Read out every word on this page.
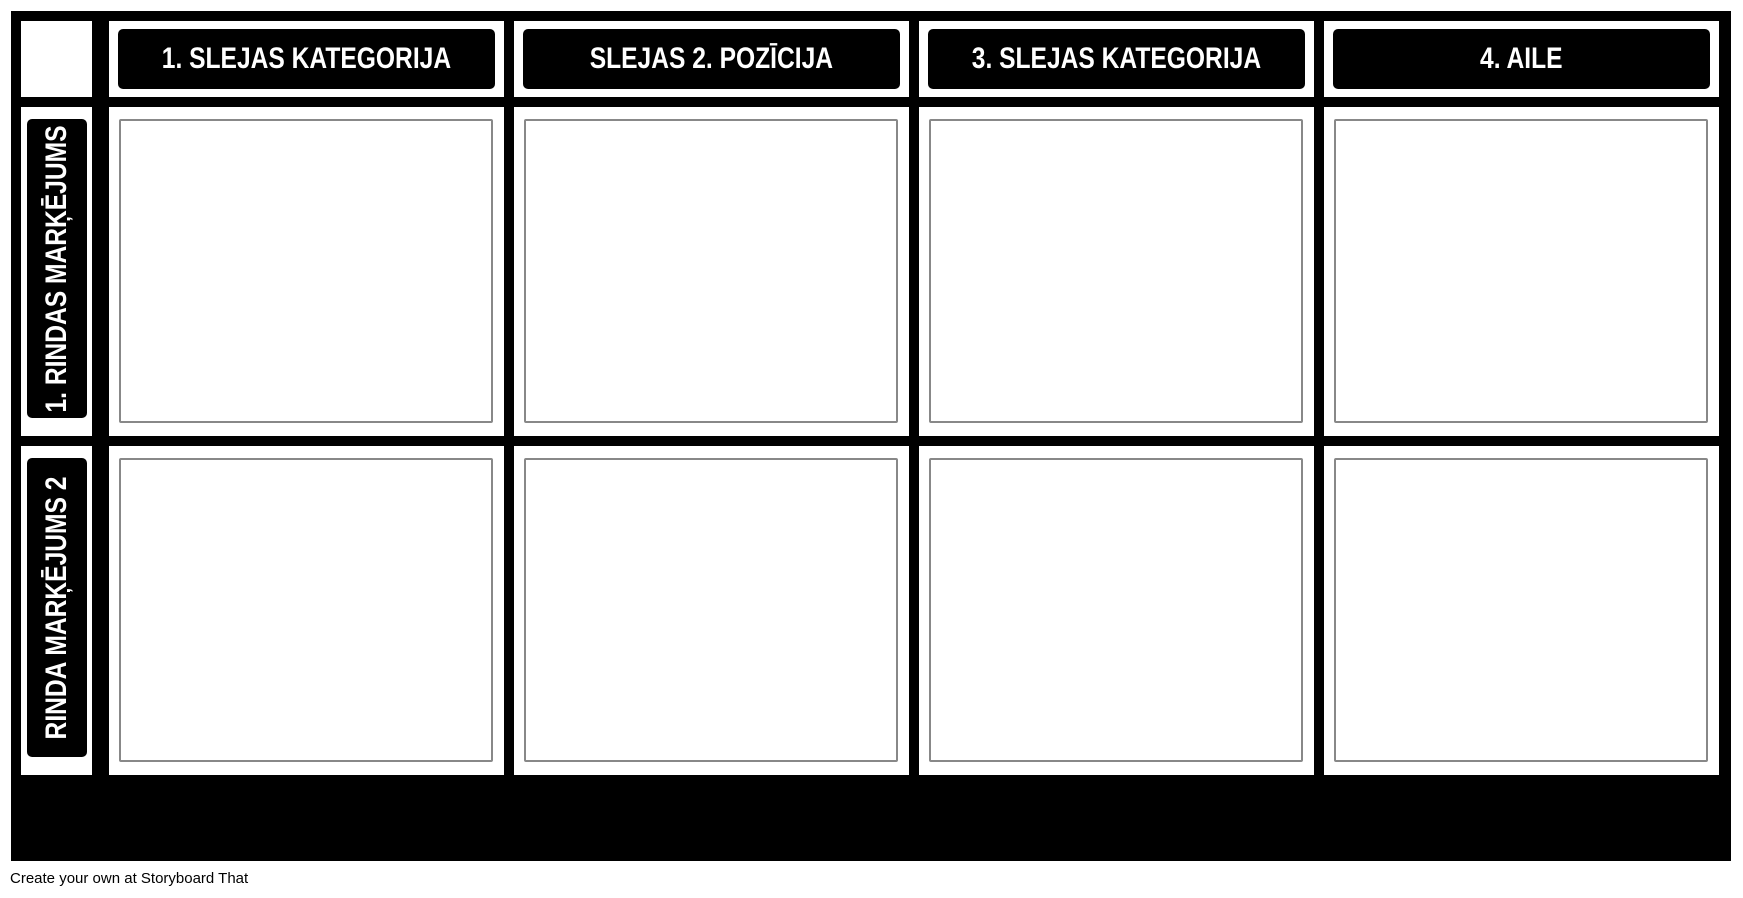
1. SLEJAS KATEGORIJA	SLEJAS 2. POZĪCIJA	3. SLEJAS KATEGORIJA	4. AILE
1. RINDAS MARĶĒJUMS
RINDA MARĶĒJUMS 2
Create your own at Storyboard That
